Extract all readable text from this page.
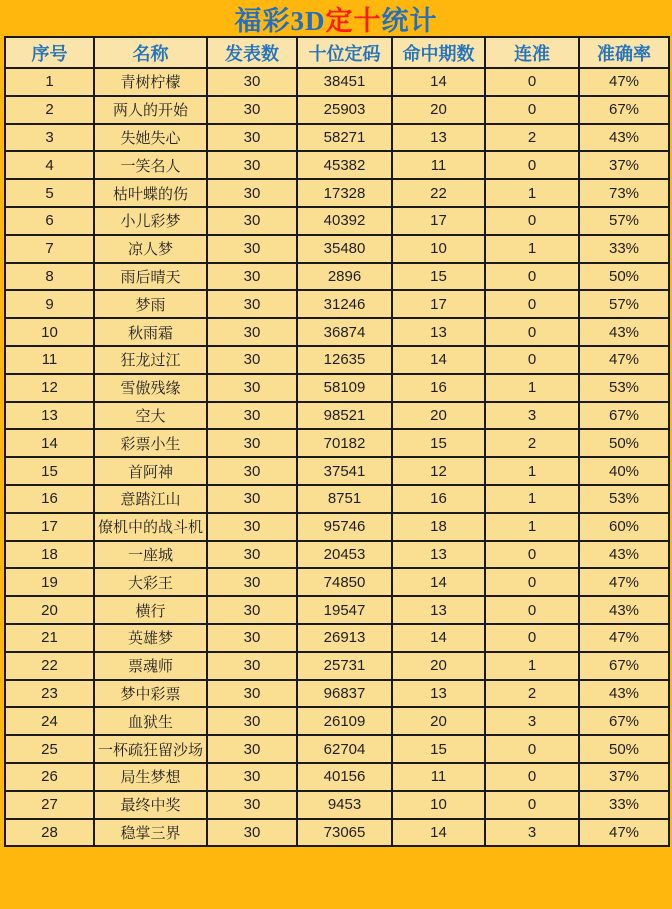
福彩3D 定十 统计
序号	名称	发表数	十位定码	命中期数	连准	准确率
1	青树柠檬	30	38451	14	0	47%
2	两人的开始	30	25903	20	0	67%
3	失她失心	30	58271	13	2	43%
4	一笑名人	30	45382	11	0	37%
5	枯叶蝶的伤	30	17328	22	1	73%
6	小儿彩梦	30	40392	17	0	57%
7	凉人梦	30	35480	10	1	33%
8	雨后晴天	30	2896	15	0	50%
9	梦雨	30	31246	17	0	57%
10	秋雨霜	30	36874	13	0	43%
11	狂龙过江	30	12635	14	0	47%
12	雪傲残缘	30	58109	16	1	53%
13	空大	30	98521	20	3	67%
14	彩票小生	30	70182	15	2	50%
15	首阿神	30	37541	12	1	40%
16	意踏江山	30	8751	16	1	53%
17	僚机中的战斗机	30	95746	18	1	60%
18	一座城	30	20453	13	0	43%
19	大彩王	30	74850	14	0	47%
20	横行	30	19547	13	0	43%
21	英雄梦	30	26913	14	0	47%
22	票魂师	30	25731	20	1	67%
23	梦中彩票	30	96837	13	2	43%
24	血狱生	30	26109	20	3	67%
25	一杯疏狂留沙场	30	62704	15	0	50%
26	局生梦想	30	40156	11	0	37%
27	最终中奖	30	9453	10	0	33%
28	稳掌三界	30	73065	14	3	47%
